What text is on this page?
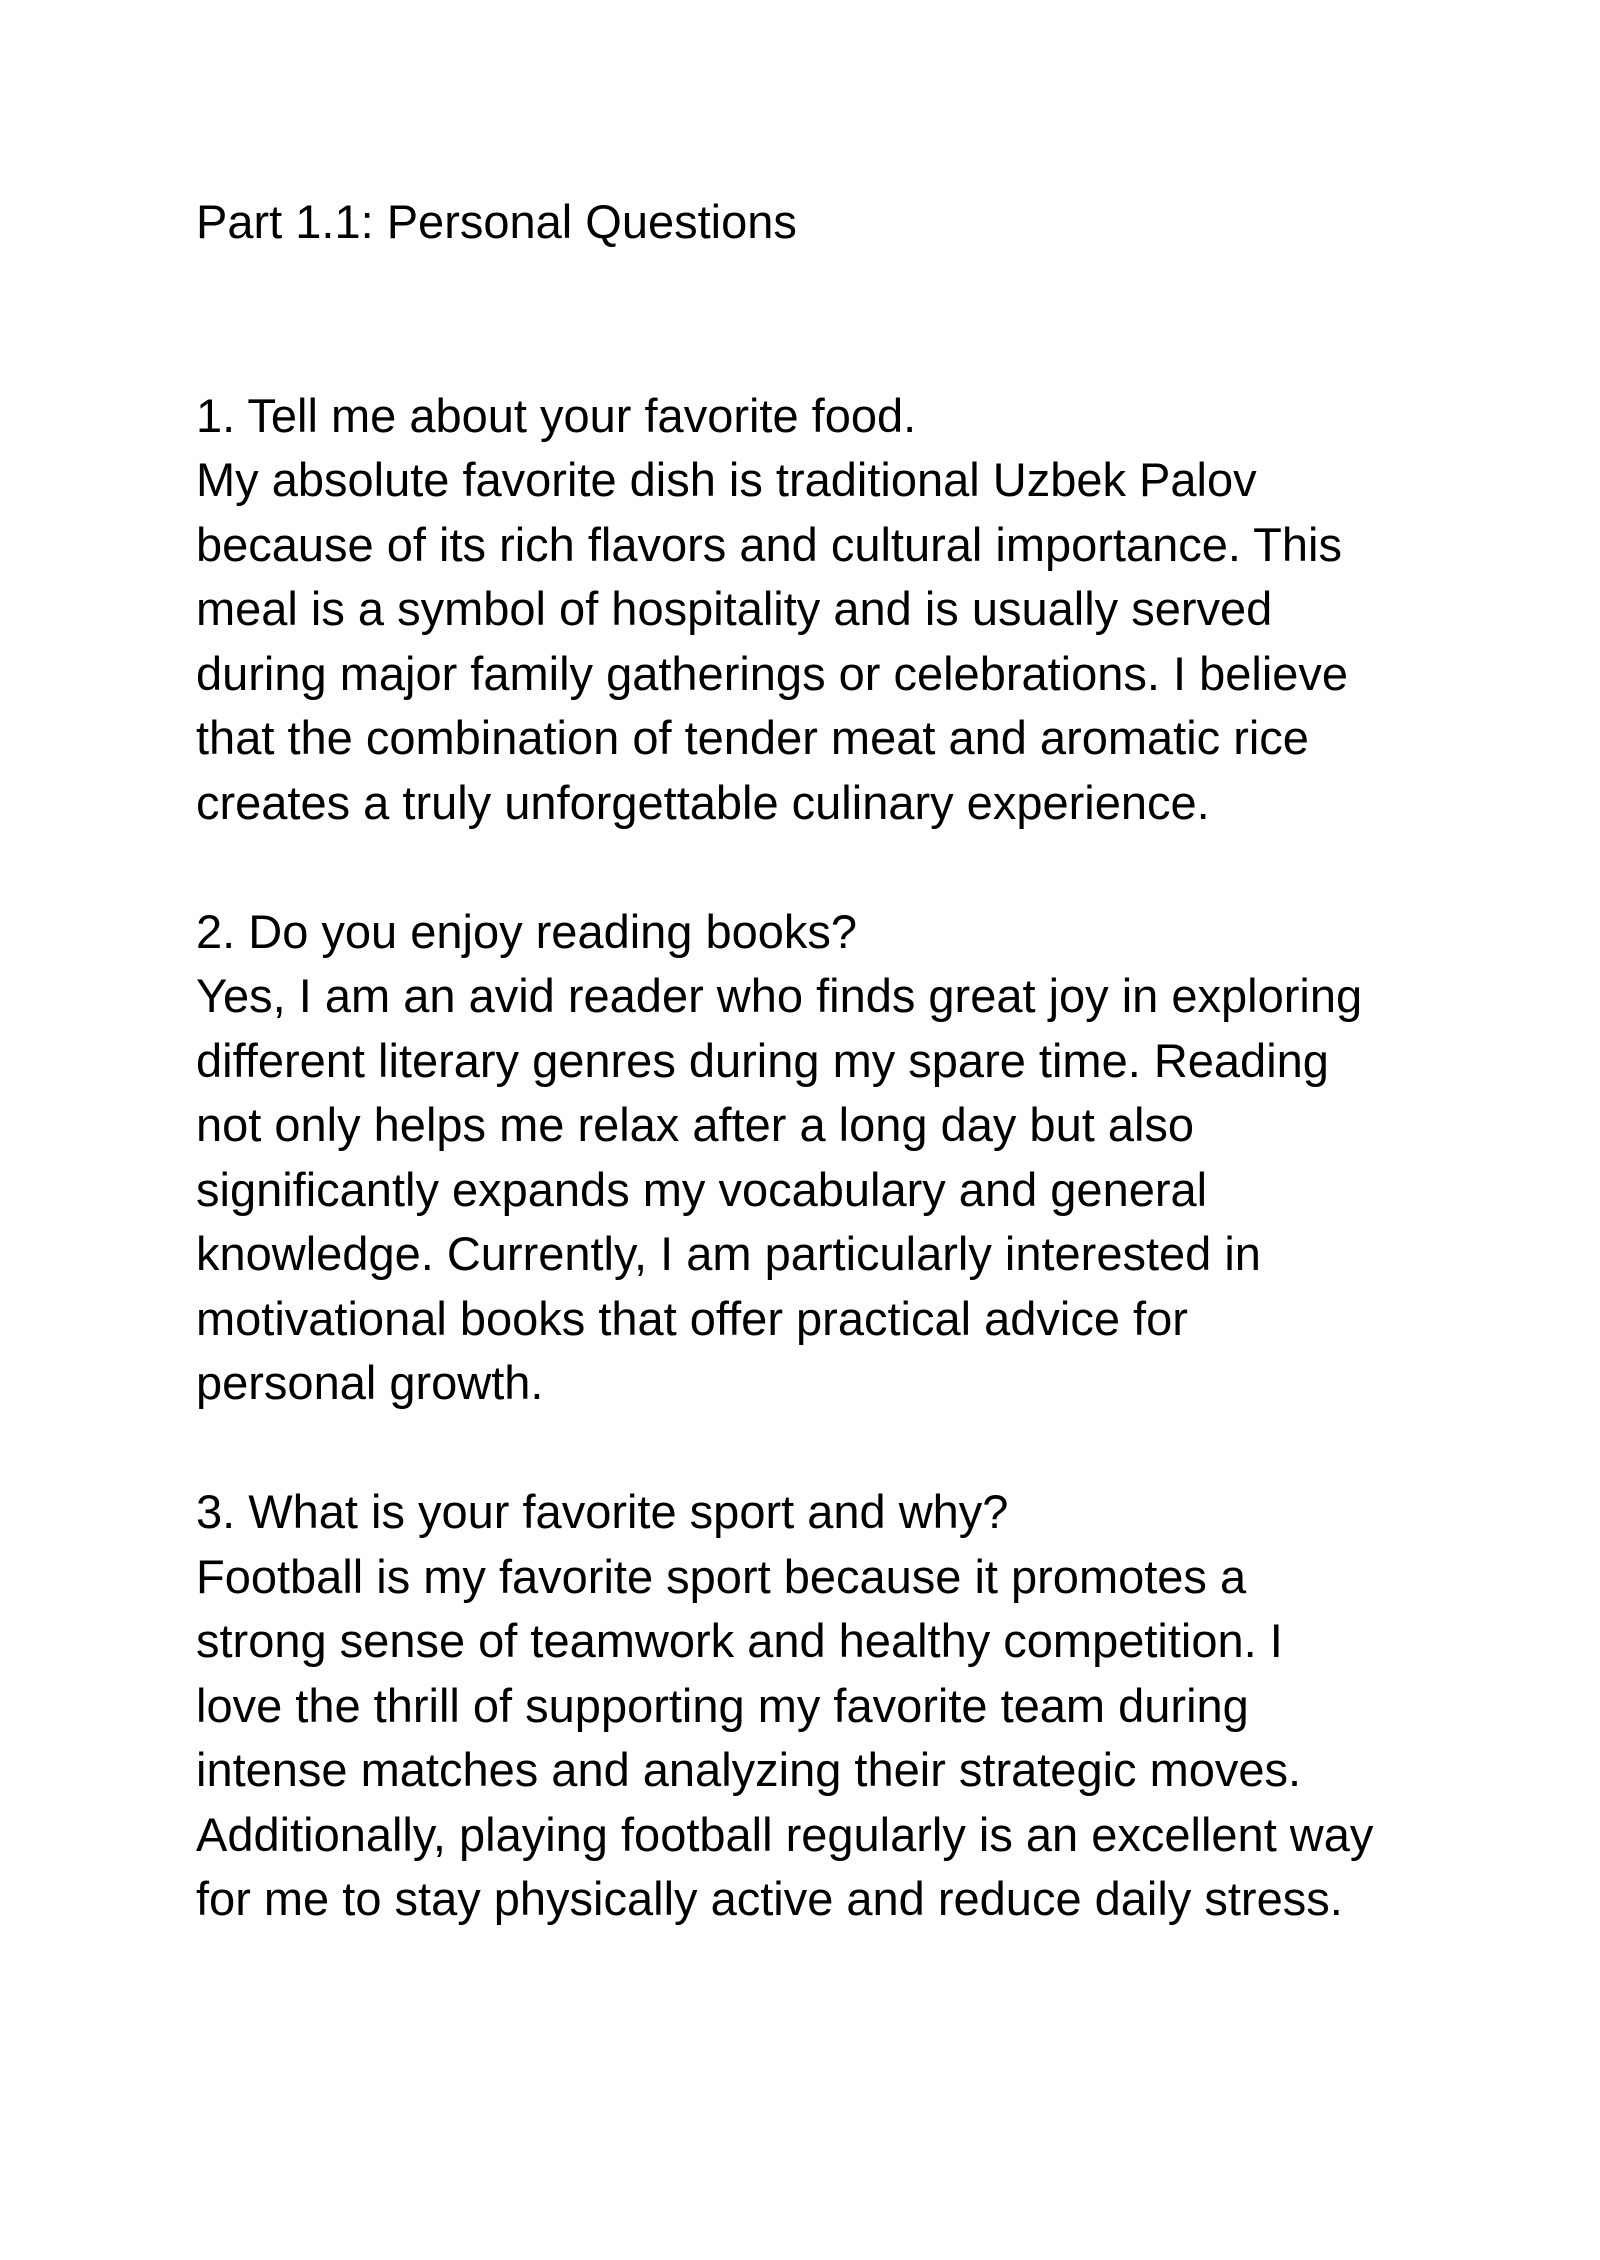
Part 1.1: Personal Questions
1. Tell me about your favorite food.
My absolute favorite dish is traditional Uzbek Palov
because of its rich flavors and cultural importance. This
meal is a symbol of hospitality and is usually served
during major family gatherings or celebrations. I believe
that the combination of tender meat and aromatic rice
creates a truly unforgettable culinary experience.
2. Do you enjoy reading books?
Yes, I am an avid reader who finds great joy in exploring
different literary genres during my spare time. Reading
not only helps me relax after a long day but also
significantly expands my vocabulary and general
knowledge. Currently, I am particularly interested in
motivational books that offer practical advice for
personal growth.
3. What is your favorite sport and why?
Football is my favorite sport because it promotes a
strong sense of teamwork and healthy competition. I
love the thrill of supporting my favorite team during
intense matches and analyzing their strategic moves.
Additionally, playing football regularly is an excellent way
for me to stay physically active and reduce daily stress.
